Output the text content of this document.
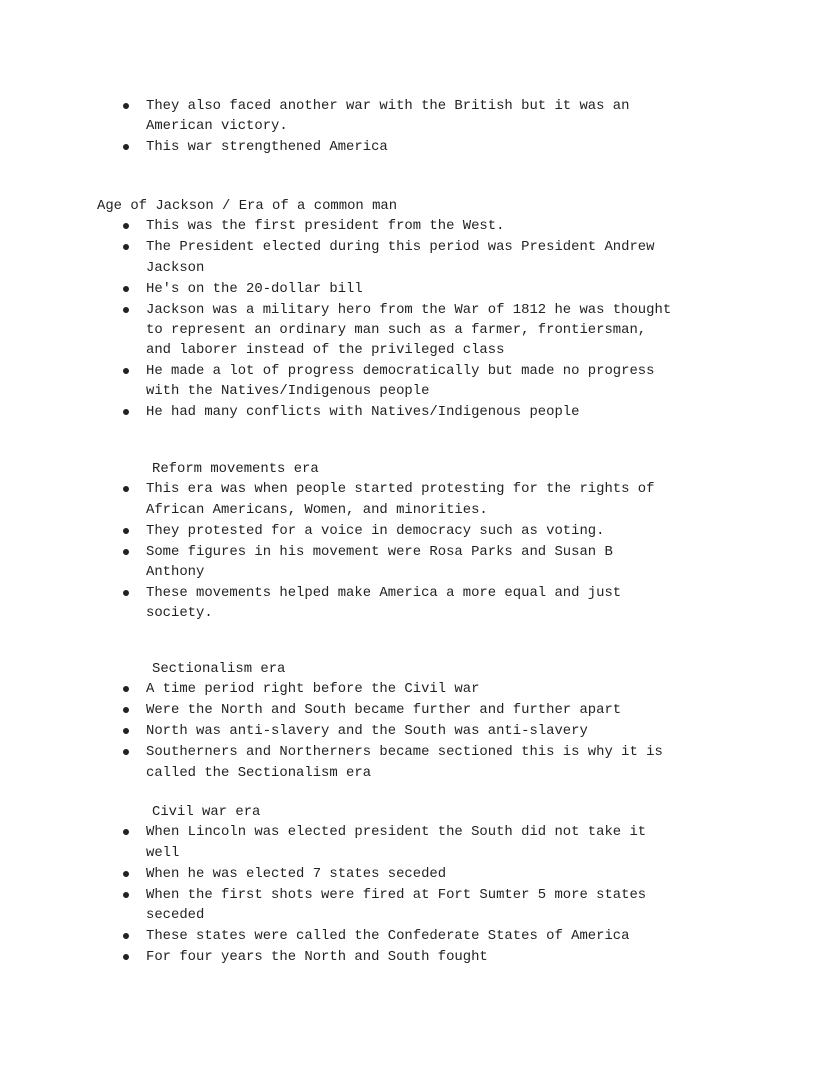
They also faced another war with the British but it was an
American victory.
This war strengthened America

Age of Jackson / Era of a common man

This was the first president from the West.
The President elected during this period was President Andrew
Jackson
He's on the 20-dollar bill
Jackson was a military hero from the War of 1812 he was thought
to represent an ordinary man such as a farmer, frontiersman,
and laborer instead of the privileged class
He made a lot of progress democratically but made no progress
with the Natives/Indigenous people
He had many conflicts with Natives/Indigenous people

Reform movements era

This era was when people started protesting for the rights of
African Americans, Women, and minorities.
They protested for a voice in democracy such as voting.
Some figures in his movement were Rosa Parks and Susan B
Anthony
These movements helped make America a more equal and just
society.

Sectionalism era

A time period right before the Civil war
Were the North and South became further and further apart
North was anti-slavery and the South was anti-slavery
Southerners and Northerners became sectioned this is why it is
called the Sectionalism era

Civil war era

When Lincoln was elected president the South did not take it
well
When he was elected 7 states seceded
When the first shots were fired at Fort Sumter 5 more states
seceded
These states were called the Confederate States of America
For four years the North and South fought
